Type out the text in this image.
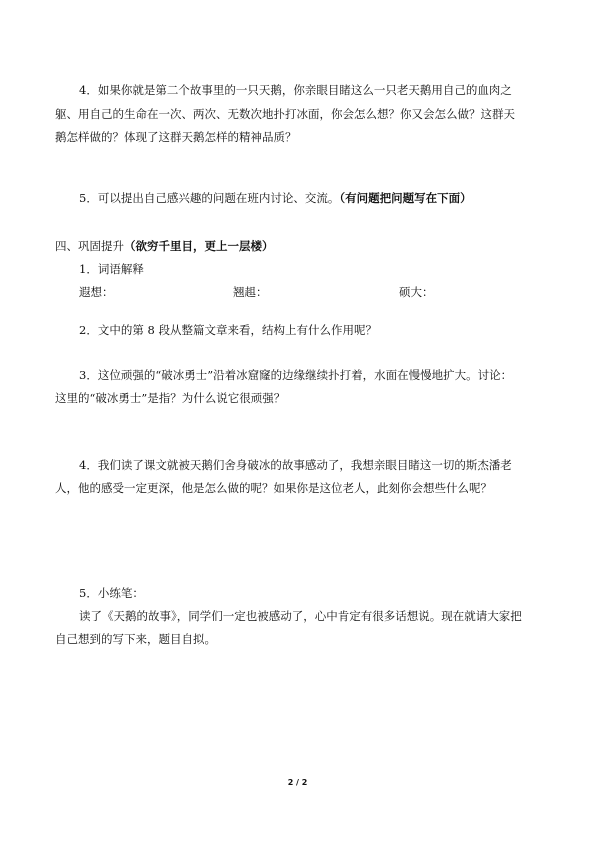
4．如果你就是第二个故事里的一只天鹅，你亲眼目睹这么一只老天鹅用自己的血肉之
躯、用自己的生命在一次、两次、无数次地扑打冰面，你会怎么想？你又会怎么做？这群天
鹅怎样做的？体现了这群天鹅怎样的精神品质？
5．可以提出自己感兴趣的问题在班内讨论、交流。（有问题把问题写在下面）
四、巩固提升（欲穷千里目，更上一层楼）
1．词语解释
遐想：	翘趄：	硕大：
2．文中的第 8 段从整篇文章来看，结构上有什么作用呢？
3．这位顽强的“破冰勇士”沿着冰窟窿的边缘继续扑打着，水面在慢慢地扩大。讨论：
这里的“破冰勇士”是指？为什么说它很顽强？
4．我们读了课文就被天鹅们舍身破冰的故事感动了，我想亲眼目睹这一切的斯杰潘老
人，他的感受一定更深，他是怎么做的呢？如果你是这位老人，此刻你会想些什么呢？
5．小练笔：
读了《天鹅的故事》，同学们一定也被感动了，心中肯定有很多话想说。现在就请大家把
自己想到的写下来，题目自拟。
2 / 2
